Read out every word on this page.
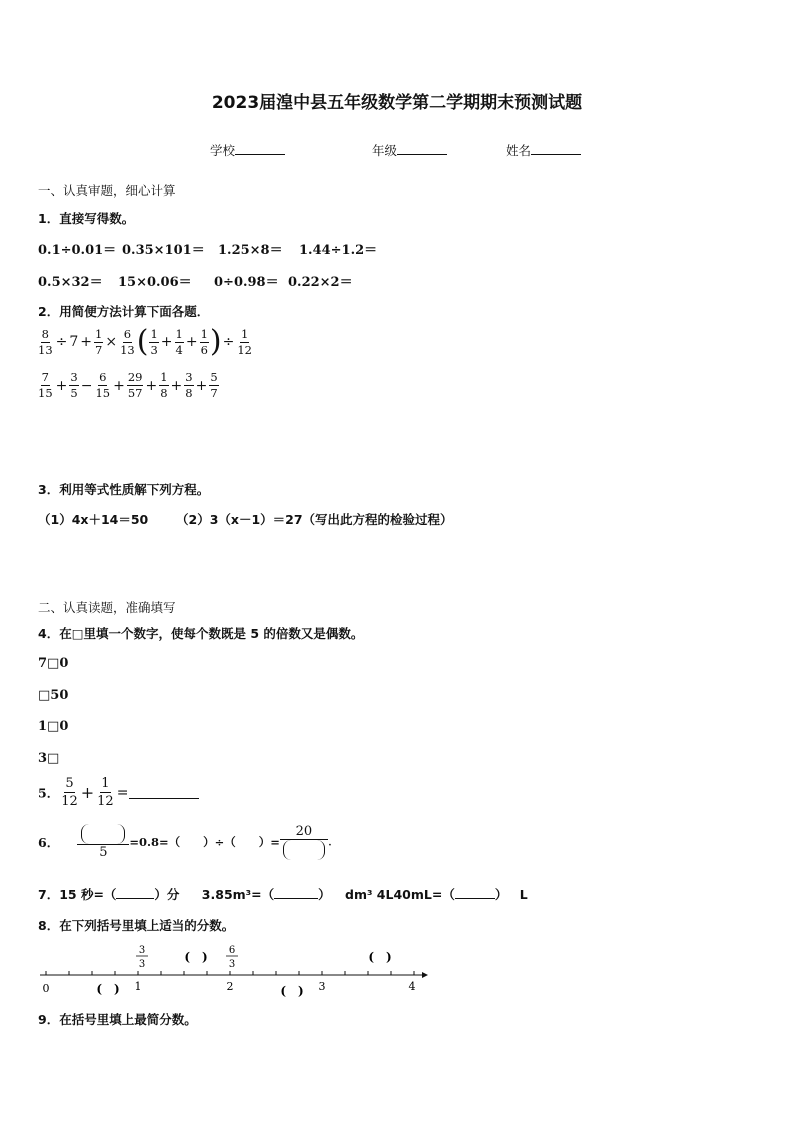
2023届湟中县五年级数学第二学期期末预测试题
学校	年级	姓名
一、认真审题，细心计算
1．直接写得数。
0.1÷0.01＝ 0.35×101＝ 1.25×8＝ 1.44÷1.2＝
0.5×32＝ 15×0.06＝ 0÷0.98＝ 0.22×2＝
2．用简便方法计算下面各题．
$\frac{8}{13} \div 7 + \frac{1}{7} \times \frac{6}{13}$ ( $\frac{1}{3} + \frac{1}{4} + \frac{1}{6}$ )÷ $\frac{1}{12}$
$\frac{7}{15} + \frac{3}{5} - \frac{6}{15} + \frac{29}{57} + \frac{1}{8} + \frac{3}{8} + \frac{5}{7}$
3．利用等式性质解下列方程。
（1）4x＋14＝50 （2）3（x－1）＝27（写出此方程的检验过程）
二、认真读题，准确填写
4．在□里填一个数字，使每个数既是 5 的倍数又是偶数。
7□0
□50
1□0
3□
5． $\frac{5}{12} + \frac{1}{12}$ =
6．
5
=0.8=（　　）÷（　　）=
20
.
7．15 秒=（	）分 3.85m³=（	） dm³ 4L40mL=（	） L
8．在下列括号里填上适当的分数。
0	1	2	3	4
3
3
6
3
(　)	(　)
(　)	(　)
9．在括号里填上最简分数。
